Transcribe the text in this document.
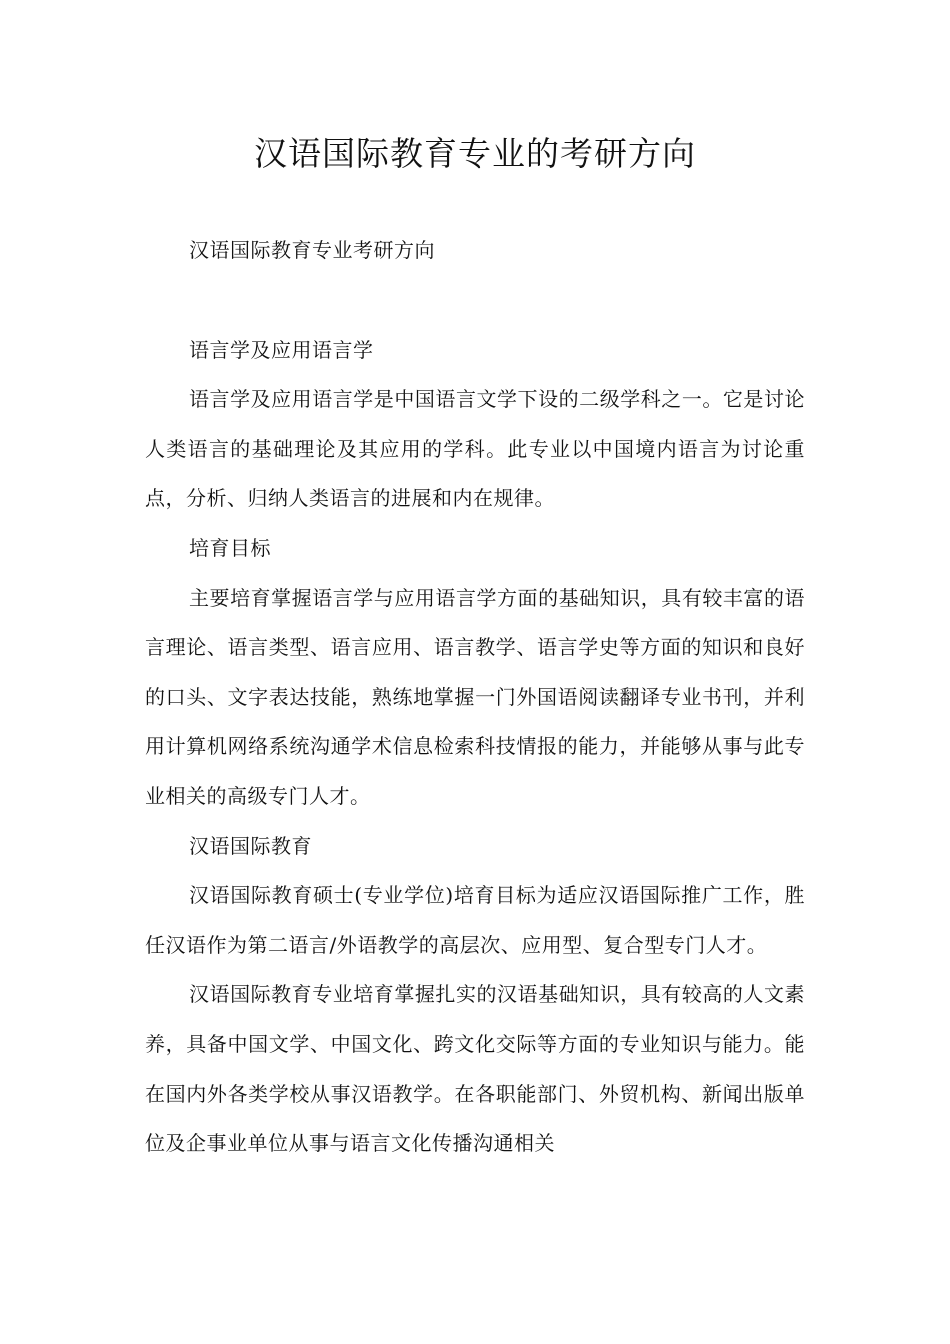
汉语国际教育专业的考研方向

汉语国际教育专业考研方向

语言学及应用语言学

语言学及应用语言学是中国语言文学下设的二级学科之一。它是讨论人类语言的基础理论及其应用的学科。此专业以中国境内语言为讨论重点，分析、归纳人类语言的进展和内在规律。

培育目标

主要培育掌握语言学与应用语言学方面的基础知识，具有较丰富的语言理论、语言类型、语言应用、语言教学、语言学史等方面的知识和良好的口头、文字表达技能，熟练地掌握一门外国语阅读翻译专业书刊，并利用计算机网络系统沟通学术信息检索科技情报的能力，并能够从事与此专业相关的高级专门人才。

汉语国际教育

汉语国际教育硕士(专业学位)培育目标为适应汉语国际推广工作，胜任汉语作为第二语言/外语教学的高层次、应用型、复合型专门人才。

汉语国际教育专业培育掌握扎实的汉语基础知识，具有较高的人文素养，具备中国文学、中国文化、跨文化交际等方面的专业知识与能力。能在国内外各类学校从事汉语教学。在各职能部门、外贸机构、新闻出版单位及企事业单位从事与语言文化传播沟通相关
